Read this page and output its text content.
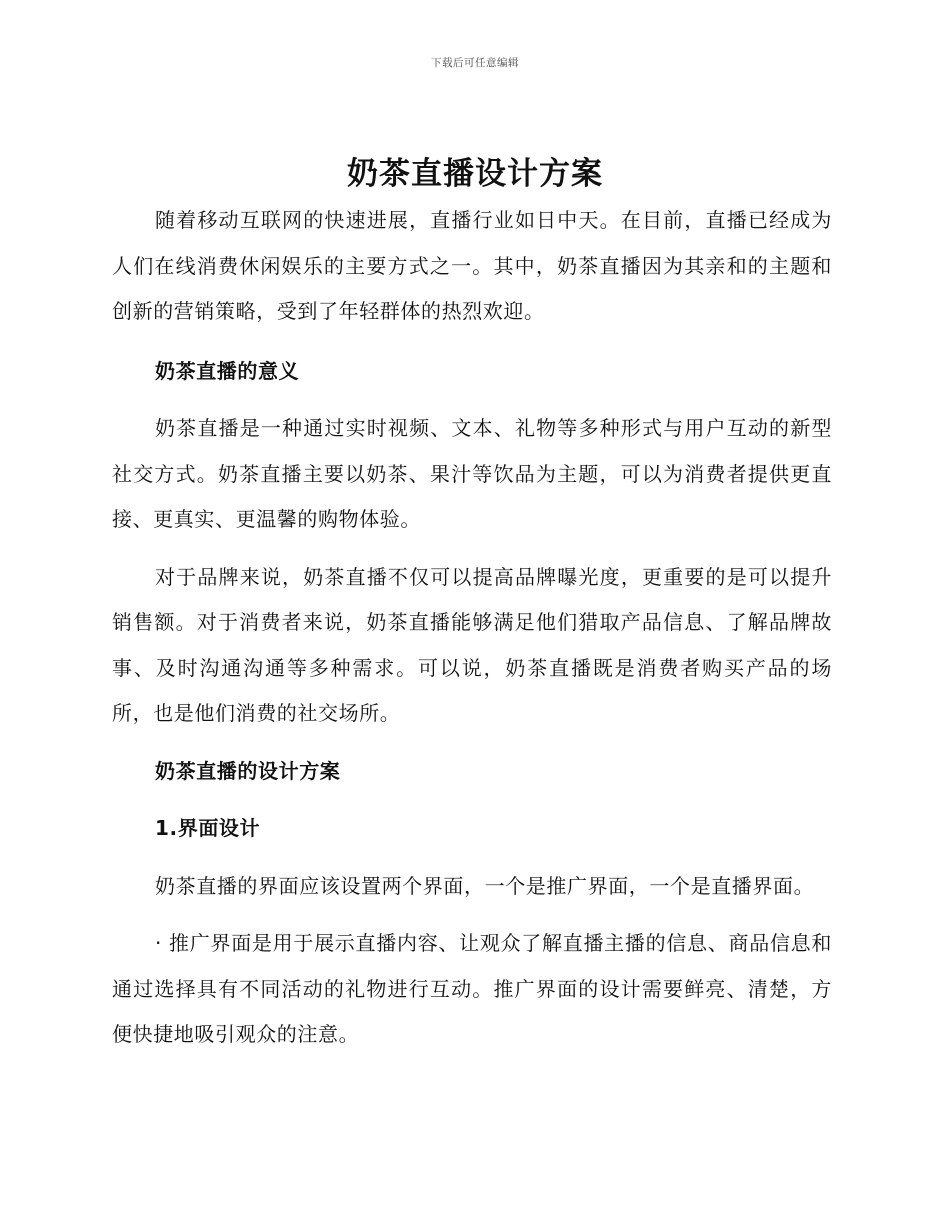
下载后可任意编辑
奶茶直播设计方案

随着移动互联网的快速进展，直播行业如日中天。在目前，直播已经成为人们在线消费休闲娱乐的主要方式之一。其中，奶茶直播因为其亲和的主题和创新的营销策略，受到了年轻群体的热烈欢迎。

奶茶直播的意义

奶茶直播是一种通过实时视频、文本、礼物等多种形式与用户互动的新型社交方式。奶茶直播主要以奶茶、果汁等饮品为主题，可以为消费者提供更直接、更真实、更温馨的购物体验。

对于品牌来说，奶茶直播不仅可以提高品牌曝光度，更重要的是可以提升销售额。对于消费者来说，奶茶直播能够满足他们猎取产品信息、了解品牌故事、及时沟通沟通等多种需求。可以说，奶茶直播既是消费者购买产品的场所，也是他们消费的社交场所。

奶茶直播的设计方案

1.界面设计

奶茶直播的界面应该设置两个界面，一个是推广界面，一个是直播界面。

· 推广界面是用于展示直播内容、让观众了解直播主播的信息、商品信息和通过选择具有不同活动的礼物进行互动。推广界面的设计需要鲜亮、清楚，方便快捷地吸引观众的注意。
